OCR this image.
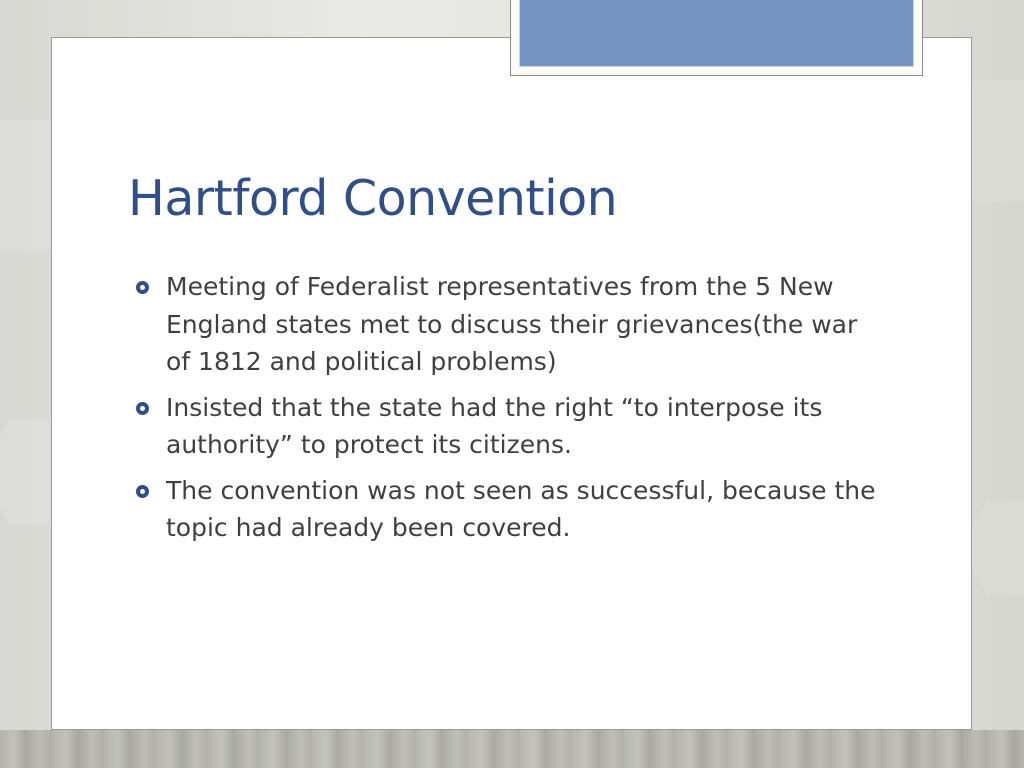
Hartford Convention
Meeting of Federalist representatives from the 5 New England states met to discuss their grievances(the war of 1812 and political problems)
Insisted that the state had the right “to interpose its authority” to protect its citizens.
The convention was not seen as successful, because the topic had already been covered.
